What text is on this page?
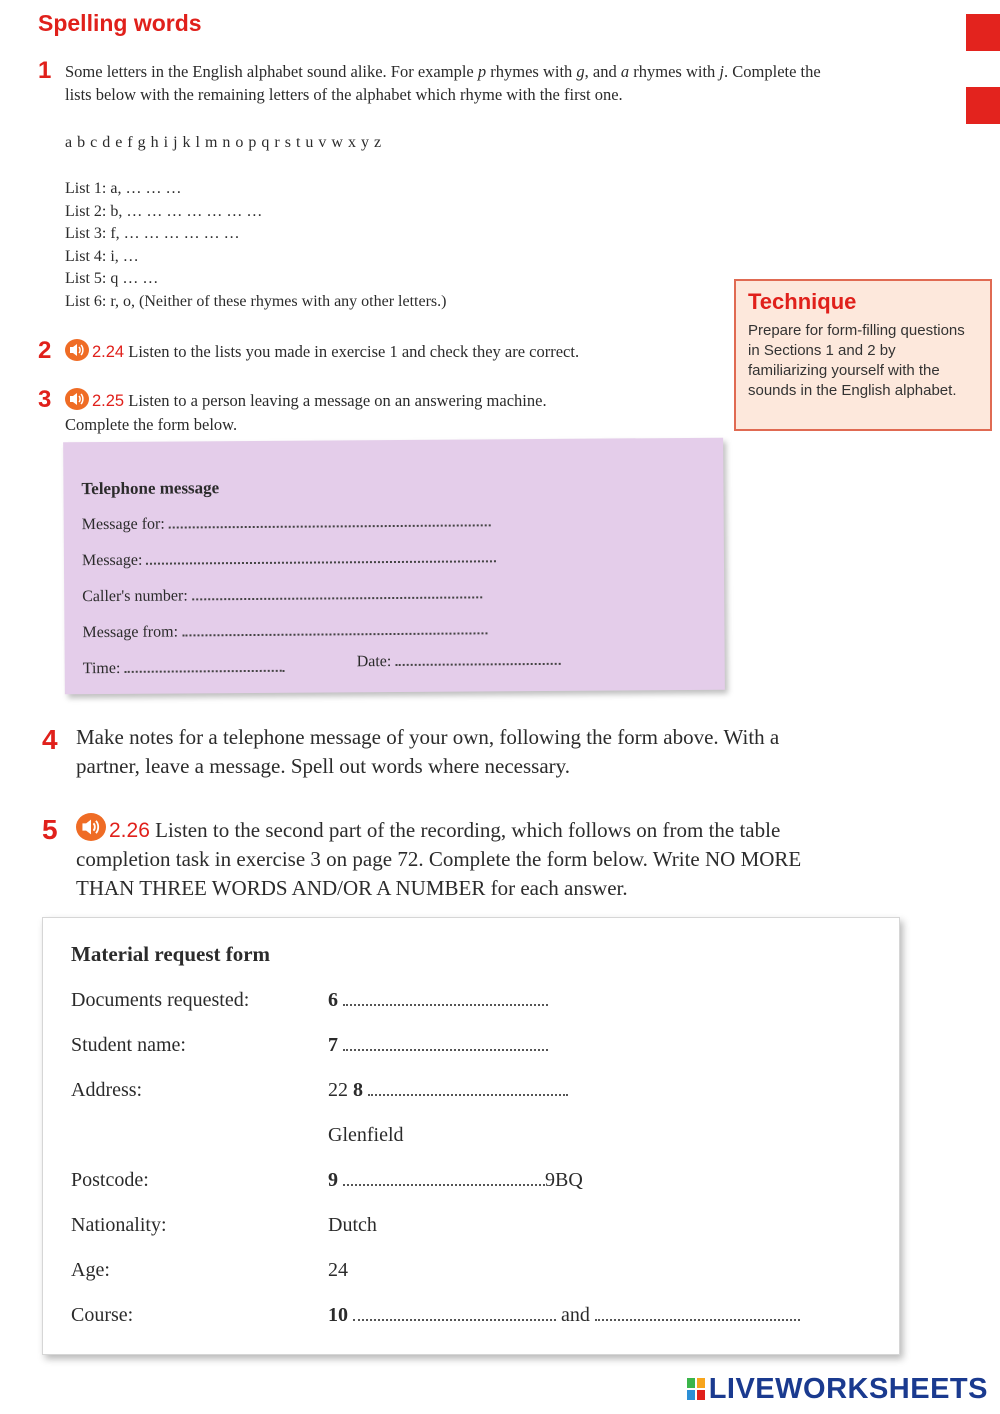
Spelling words
1 Some letters in the English alphabet sound alike. For example p rhymes with g, and a rhymes with j. Complete the lists below with the remaining letters of the alphabet which rhyme with the first one.
a b c d e f g h i j k l m n o p q r s t u v w x y z
List 1: a, … … …
List 2: b, … … … … … … …
List 3: f, … … … … … …
List 4: i, …
List 5: q … …
List 6: r, o, (Neither of these rhymes with any other letters.)	Technique

Prepare for form-filling questions in Sections 1 and 2 by familiarizing yourself with the sounds in the English alphabet.

2	2.24 Listen to the lists you made in exercise 1 and check they are correct.
3	2.25 Listen to a person leaving a message on an answering machine.
Complete the form below.
Telephone message
Message for:
Message:
Caller's number:
Message from:
Time:	Date:
4 Make notes for a telephone message of your own, following the form above. With a
partner, leave a message. Spell out words where necessary.
5	2.26 Listen to the second part of the recording, which follows on from the table
completion task in exercise 3 on page 72. Complete the form below. Write NO MORE
THAN THREE WORDS AND/OR A NUMBER for each answer.
Material request form
Documents requested:	6
Student name:	7
Address:	22 8
Glenfield
Postcode:	9	9BQ
Nationality:	Dutch
Age:	24
Course:	10	and
LIVEWORKSHEETS
